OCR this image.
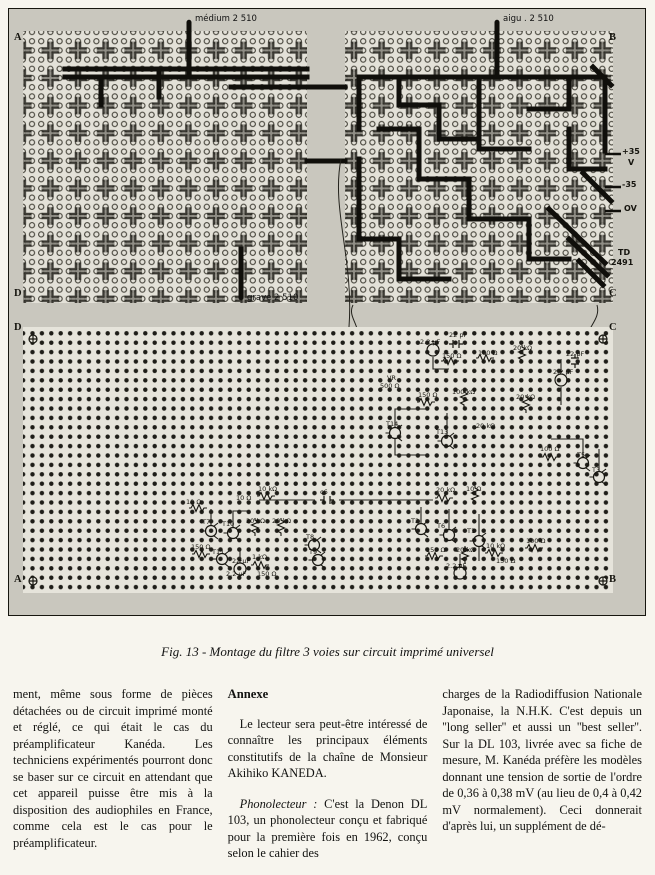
médium 2 510	aigu . 2 510
grave 2 510
A	B
D	C
+35
V
-35
OV
TD
2491
D	C
A	B
2.2 µF
22 pF
150 Ω	100 Ω
20 kΩ
22 pF
2.2 µF
VR
500 Ω
150 Ω 100 kΩ
20 kΩ
T14
T13
20 kΩ
100 Ω
T5
T3
10 kΩ
10 Ω
c6	20 kΩ 10 Ω
10 Ω
T7 T10 20 kΩ 20 kΩ
150 Ω
T11
T8
T9
22 µF 1 kΩ
2.2 µF 150 Ω
T2
T6
T1
150 Ω 20 kΩ 10 kΩ
2.2 µF
150 Ω
100 Ω
Fig. 13 - Montage du filtre 3 voies sur circuit imprimé universel

ment, même sous forme de pièces détachées ou de circuit imprimé monté et réglé, ce qui était le cas du préamplificateur Kanéda. Les techniciens expérimentés pourront donc se baser sur ce circuit en attendant que cet appareil puisse être mis à la disposition des audiophiles en France, comme cela est le cas pour le préamplificateur.

Annexe

Le lecteur sera peut-être intéressé de connaître les principaux éléments constitutifs de la chaîne de Monsieur Akihiko KANEDA.

Phonolecteur : C'est la Denon DL 103, un phonolecteur conçu et fabriqué pour la première fois en 1962, conçu selon le cahier des

charges de la Radiodiffusion Nationale Japonaise, la N.H.K. C'est depuis un ''long seller'' et aussi un ''best seller''. Sur la DL 103, livrée avec sa fiche de mesure, M. Kanéda préfère les modèles donnant une tension de sortie de l'ordre de 0,36 à 0,38 mV (au lieu de 0,4 à 0,42 mV normalement). Ceci donnerait d'après lui, un supplément de dé-
